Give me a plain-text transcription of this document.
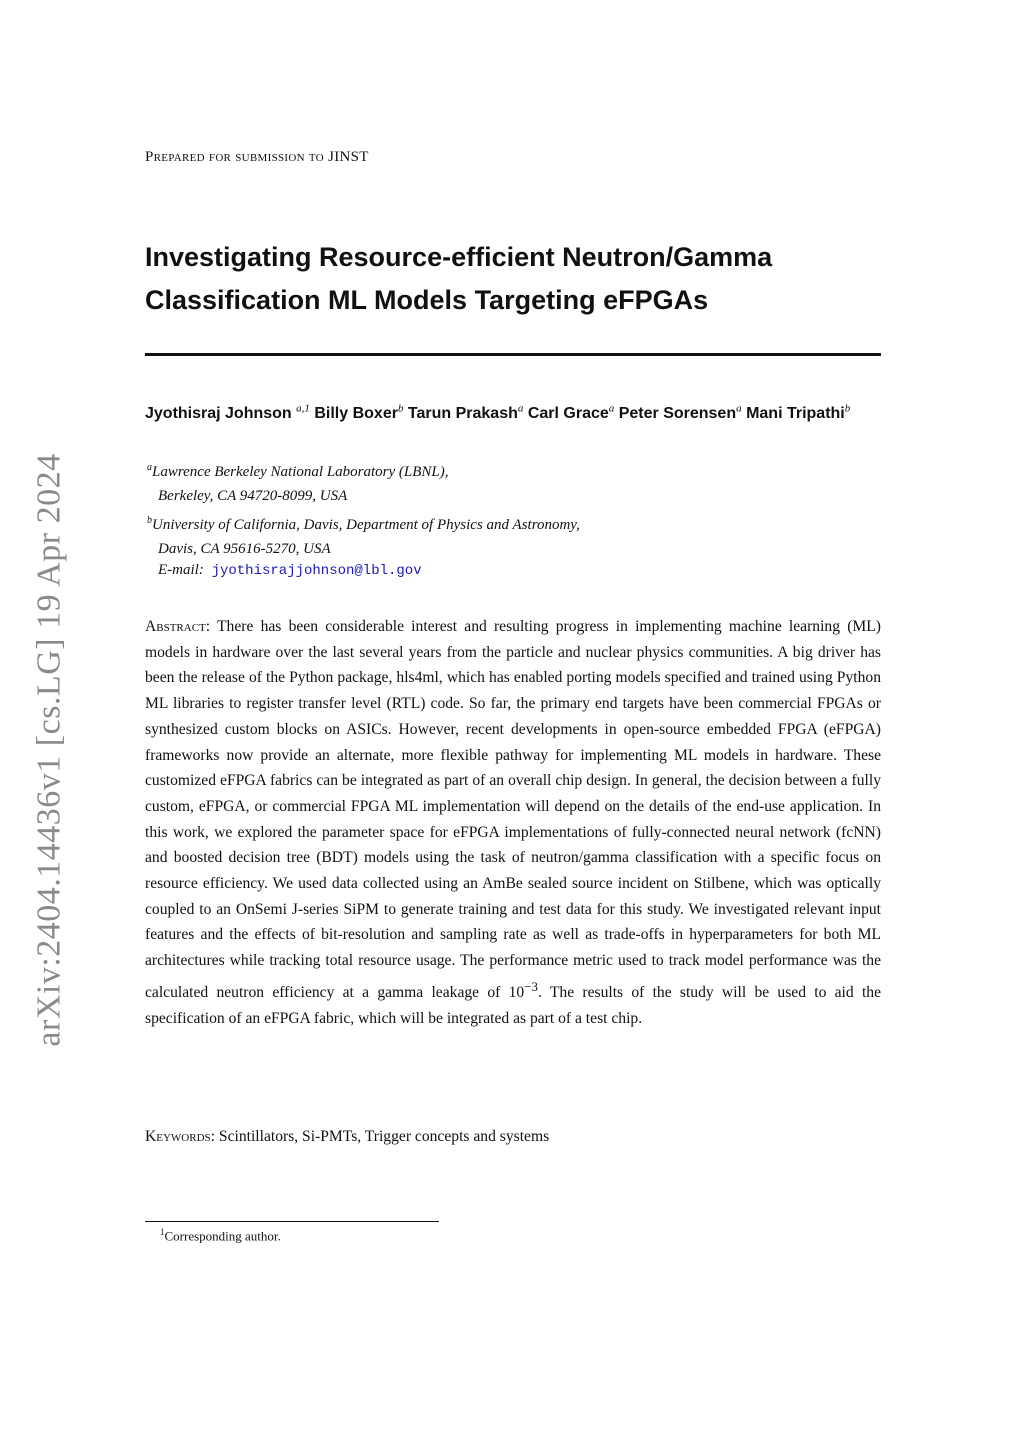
arXiv:2404.14436v1 [cs.LG] 19 Apr 2024
Prepared for submission to JINST
Investigating Resource-efficient Neutron/Gamma Classification ML Models Targeting eFPGAs
Jyothisraj Johnson $^{a,1}$ Billy Boxer$^b$ Tarun Prakash$^a$ Carl Grace$^a$ Peter Sorensen$^a$ Mani Tripathi$^b$
$^a$Lawrence Berkeley National Laboratory (LBNL),
Berkeley, CA 94720-8099, USA
$^b$University of California, Davis, Department of Physics and Astronomy,
Davis, CA 95616-5270, USA
E-mail: jyothisrajjohnson@lbl.gov

Abstract: There has been considerable interest and resulting progress in implementing machine learning (ML) models in hardware over the last several years from the particle and nuclear physics communities. A big driver has been the release of the Python package, hls4ml, which has enabled porting models specified and trained using Python ML libraries to register transfer level (RTL) code. So far, the primary end targets have been commercial FPGAs or synthesized custom blocks on ASICs. However, recent developments in open-source embedded FPGA (eFPGA) frameworks now provide an alternate, more flexible pathway for implementing ML models in hardware. These customized eFPGA fabrics can be integrated as part of an overall chip design. In general, the decision between a fully custom, eFPGA, or commercial FPGA ML implementation will depend on the details of the end-use application. In this work, we explored the parameter space for eFPGA implementations of fully-connected neural network (fcNN) and boosted decision tree (BDT) models using the task of neutron/gamma classification with a specific focus on resource efficiency. We used data collected using an AmBe sealed source incident on Stilbene, which was optically coupled to an OnSemi J-series SiPM to generate training and test data for this study. We investigated relevant input features and the effects of bit-resolution and sampling rate as well as trade-offs in hyperparameters for both ML architectures while tracking total resource usage. The performance metric used to track model performance was the calculated neutron efficiency at a gamma leakage of $10^{-3}$. The results of the study will be used to aid the specification of an eFPGA fabric, which will be integrated as part of a test chip.

Keywords: Scintillators, Si-PMTs, Trigger concepts and systems
$^1$Corresponding author.
